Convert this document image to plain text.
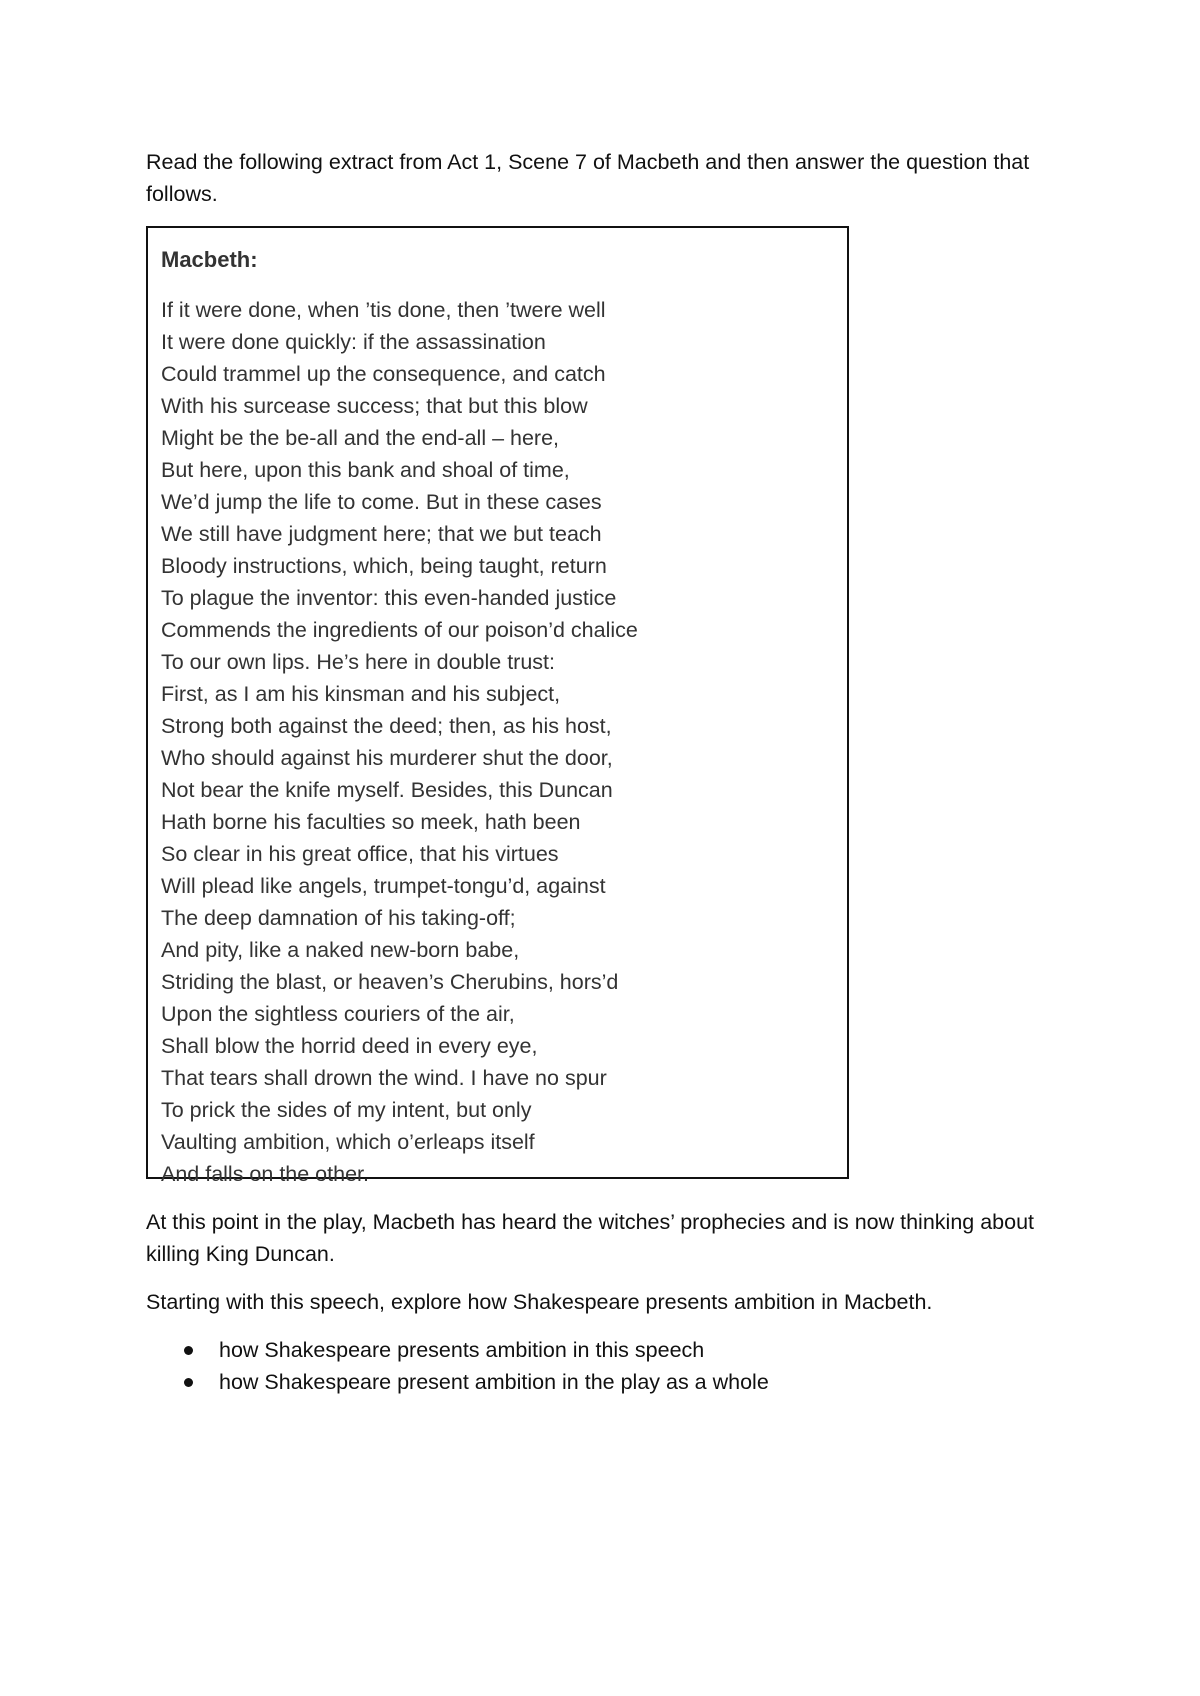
Read the following extract from Act 1, Scene 7 of Macbeth and then answer the question that follows.

Macbeth:
If it were done, when ’tis done, then ’twere well
It were done quickly: if the assassination
Could trammel up the consequence, and catch
With his surcease success; that but this blow
Might be the be-all and the end-all – here,
But here, upon this bank and shoal of time,
We’d jump the life to come. But in these cases
We still have judgment here; that we but teach
Bloody instructions, which, being taught, return
To plague the inventor: this even-handed justice
Commends the ingredients of our poison’d chalice
To our own lips. He’s here in double trust:
First, as I am his kinsman and his subject,
Strong both against the deed; then, as his host,
Who should against his murderer shut the door,
Not bear the knife myself. Besides, this Duncan
Hath borne his faculties so meek, hath been
So clear in his great office, that his virtues
Will plead like angels, trumpet-tongu’d, against
The deep damnation of his taking-off;
And pity, like a naked new-born babe,
Striding the blast, or heaven’s Cherubins, hors’d
Upon the sightless couriers of the air,
Shall blow the horrid deed in every eye,
That tears shall drown the wind. I have no spur
To prick the sides of my intent, but only
Vaulting ambition, which o’erleaps itself
And falls on the other.

At this point in the play, Macbeth has heard the witches’ prophecies and is now thinking about killing King Duncan.

Starting with this speech, explore how Shakespeare presents ambition in Macbeth.

how Shakespeare presents ambition in this speech
how Shakespeare present ambition in the play as a whole
